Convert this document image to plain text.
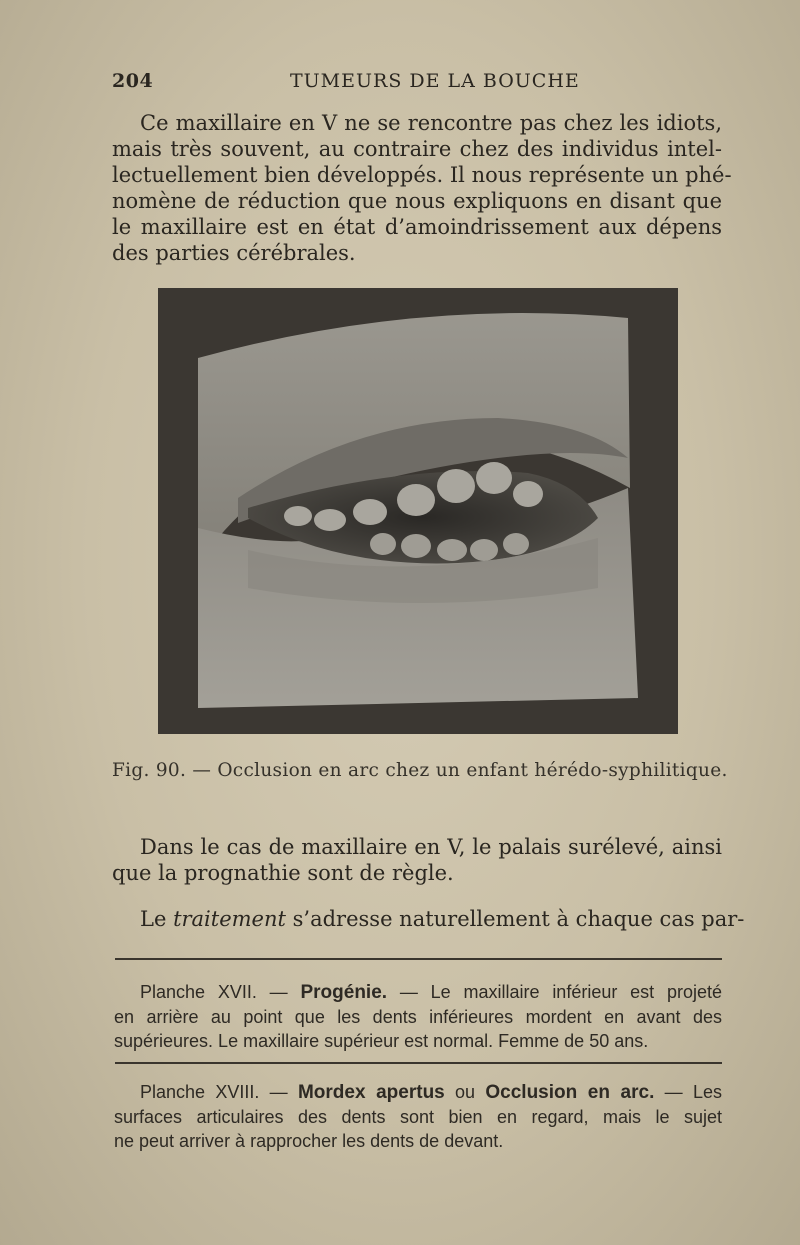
204	TUMEURS DE LA BOUCHE
Ce maxillaire en V ne se rencontre pas chez les idiots,
mais très souvent, au contraire chez des individus intel-
lectuellement bien développés. Il nous représente un phé-
nomène de réduction que nous expliquons en disant que
le maxillaire est en état d’amoindrissement aux dépens
des parties cérébrales.
Fig. 90. — Occlusion en arc chez un enfant hérédo-syphilitique.
Dans le cas de maxillaire en V, le palais surélevé, ainsi
que la prognathie sont de règle.
Le traitement s’adresse naturellement à chaque cas par-
Planche XVII. — Progénie. — Le maxillaire inférieur est projeté
en arrière au point que les dents inférieures mordent en avant des
supérieures. Le maxillaire supérieur est normal. Femme de 50 ans.
Planche XVIII. — Mordex apertus ou Occlusion en arc. — Les
surfaces articulaires des dents sont bien en regard, mais le sujet
ne peut arriver à rapprocher les dents de devant.
